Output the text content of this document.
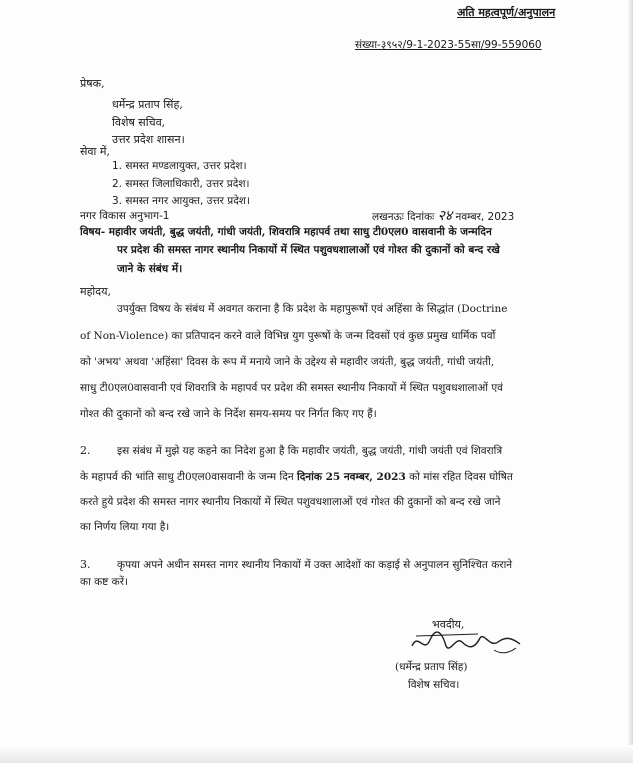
अति महत्वपूर्ण/अनुपालन
संख्या-३९५२/9-1-2023-55सा/99-559060
प्रेषक,
धर्मेन्द्र प्रताप सिंह,
विशेष सचिव,
उत्तर प्रदेश शासन।
सेवा में,
1. समस्त मण्डलायुक्त, उत्तर प्रदेश।
2. समस्त जिलाधिकारी, उत्तर प्रदेश।
3. समस्त नगर आयुक्त, उत्तर प्रदेश।
नगर विकास अनुभाग-1	लखनऊः दिनांकः २४ नवम्बर, 2023
विषय- महावीर जयंती, बुद्ध जयंती, गांधी जयंती, शिवरात्रि महापर्व तथा साधु टी0एल0 वासवानी के जन्मदिन
पर प्रदेश की समस्त नागर स्थानीय निकायों में स्थित पशुवधशालाओं एवं गोश्त की दुकानों को बन्द रखे
जाने के संबंध में।
महोदय,
उपर्युक्त विषय के संबंध में अवगत कराना है कि प्रदेश के महापुरूषों एवं अहिंसा के सिद्धांत (Doctrine
of Non-Violence) का प्रतिपादन करने वाले विभिन्न युग पुरूषों के जन्म दिवसों एवं कुछ प्रमुख धार्मिक पर्वो
को 'अभय' अथवा 'अहिंसा' दिवस के रूप में मनाये जाने के उद्देश्य से महावीर जयंती, बुद्ध जयंती, गांधी जयंती,
साधु टी0एल0वासवानी एवं शिवरात्रि के महापर्व पर प्रदेश की समस्त स्थानीय निकायों में स्थित पशुवधशालाओं एवं
गोश्त की दुकानों को बन्द रखे जाने के निर्देश समय-समय पर निर्गत किए गए हैं।
2.	इस संबंध में मुझे यह कहने का निदेश हुआ है कि महावीर जयंती, बुद्ध जयंती, गांधी जयंती एवं शिवरात्रि
के महापर्व की भांति साधु टी0एल0वासवानी के जन्म दिन दिनांक 25 नवम्बर, 2023 को मांस रहित दिवस घोषित
करते हुये प्रदेश की समस्त नागर स्थानीय निकायों में स्थित पशुवधशालाओं एवं गोश्त की दुकानों को बन्द रखे जाने
का निर्णय लिया गया है।
3.	कृपया अपने अधीन समस्त नागर स्थानीय निकायों में उक्त आदेशों का कड़ाई से अनुपालन सुनिश्चित कराने
का कष्ट करें।
भवदीय,
(धर्मेन्द्र प्रताप सिंह)
विशेष सचिव।
